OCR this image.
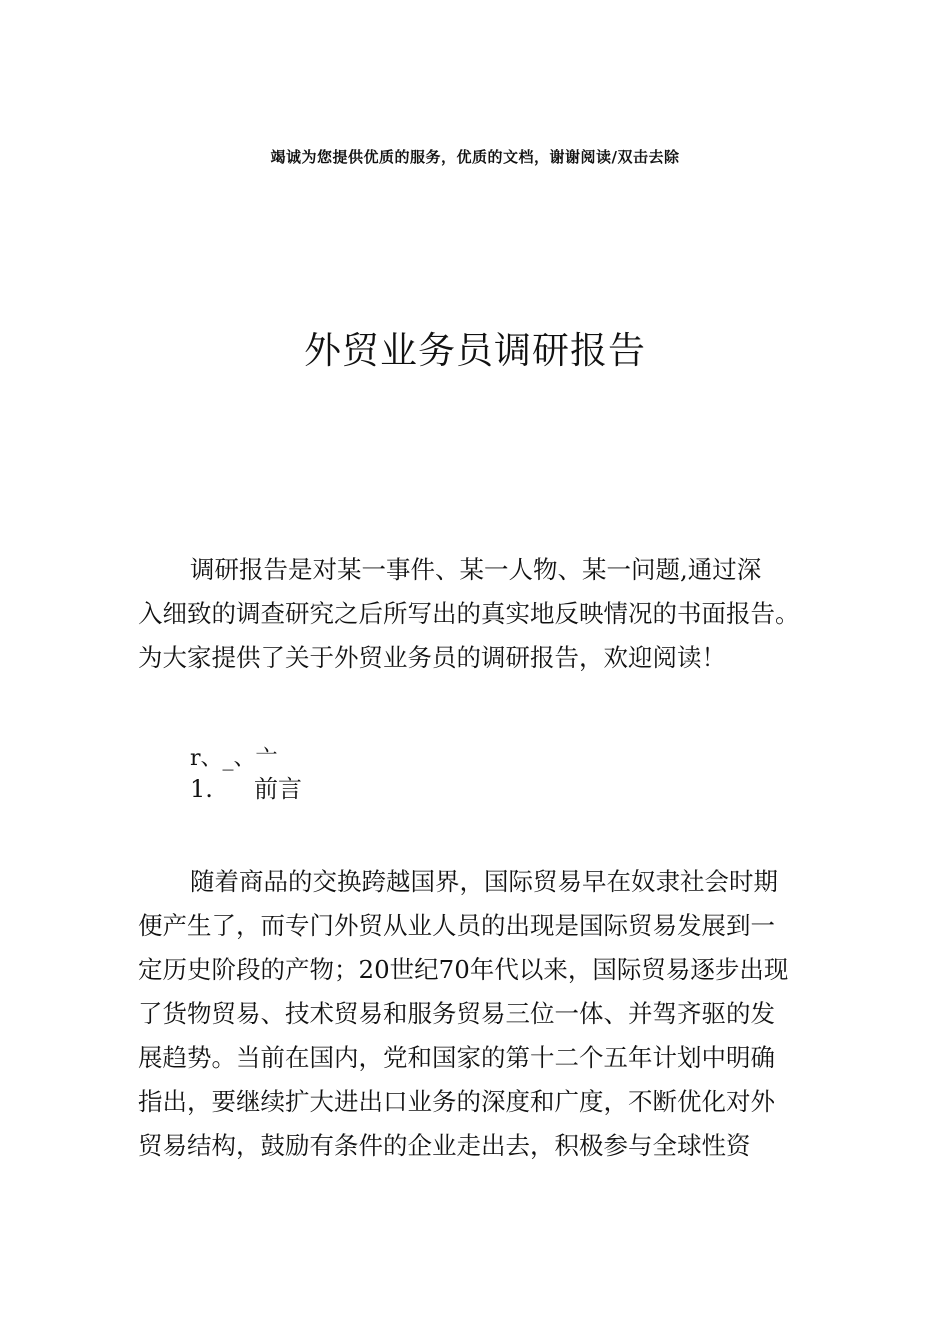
竭诚为您提供优质的服务，优质的文档，谢谢阅读/双击去除
外贸业务员调研报告
调研报告是对某一事件、某一人物、某一问题,通过深
入细致的调查研究之后所写出的真实地反映情况的书面报告。
为大家提供了关于外贸业务员的调研报告，欢迎阅读！
r、_、亠
1. 前言
随着商品的交换跨越国界，国际贸易早在奴隶社会时期
便产生了，而专门外贸从业人员的出现是国际贸易发展到一
定历史阶段的产物；20世纪70年代以来，国际贸易逐步出现
了货物贸易、技术贸易和服务贸易三位一体、并驾齐驱的发
展趋势。当前在国内，党和国家的第十二个五年计划中明确
指出，要继续扩大进出口业务的深度和广度，不断优化对外
贸易结构，鼓励有条件的企业走出去，积极参与全球性资
